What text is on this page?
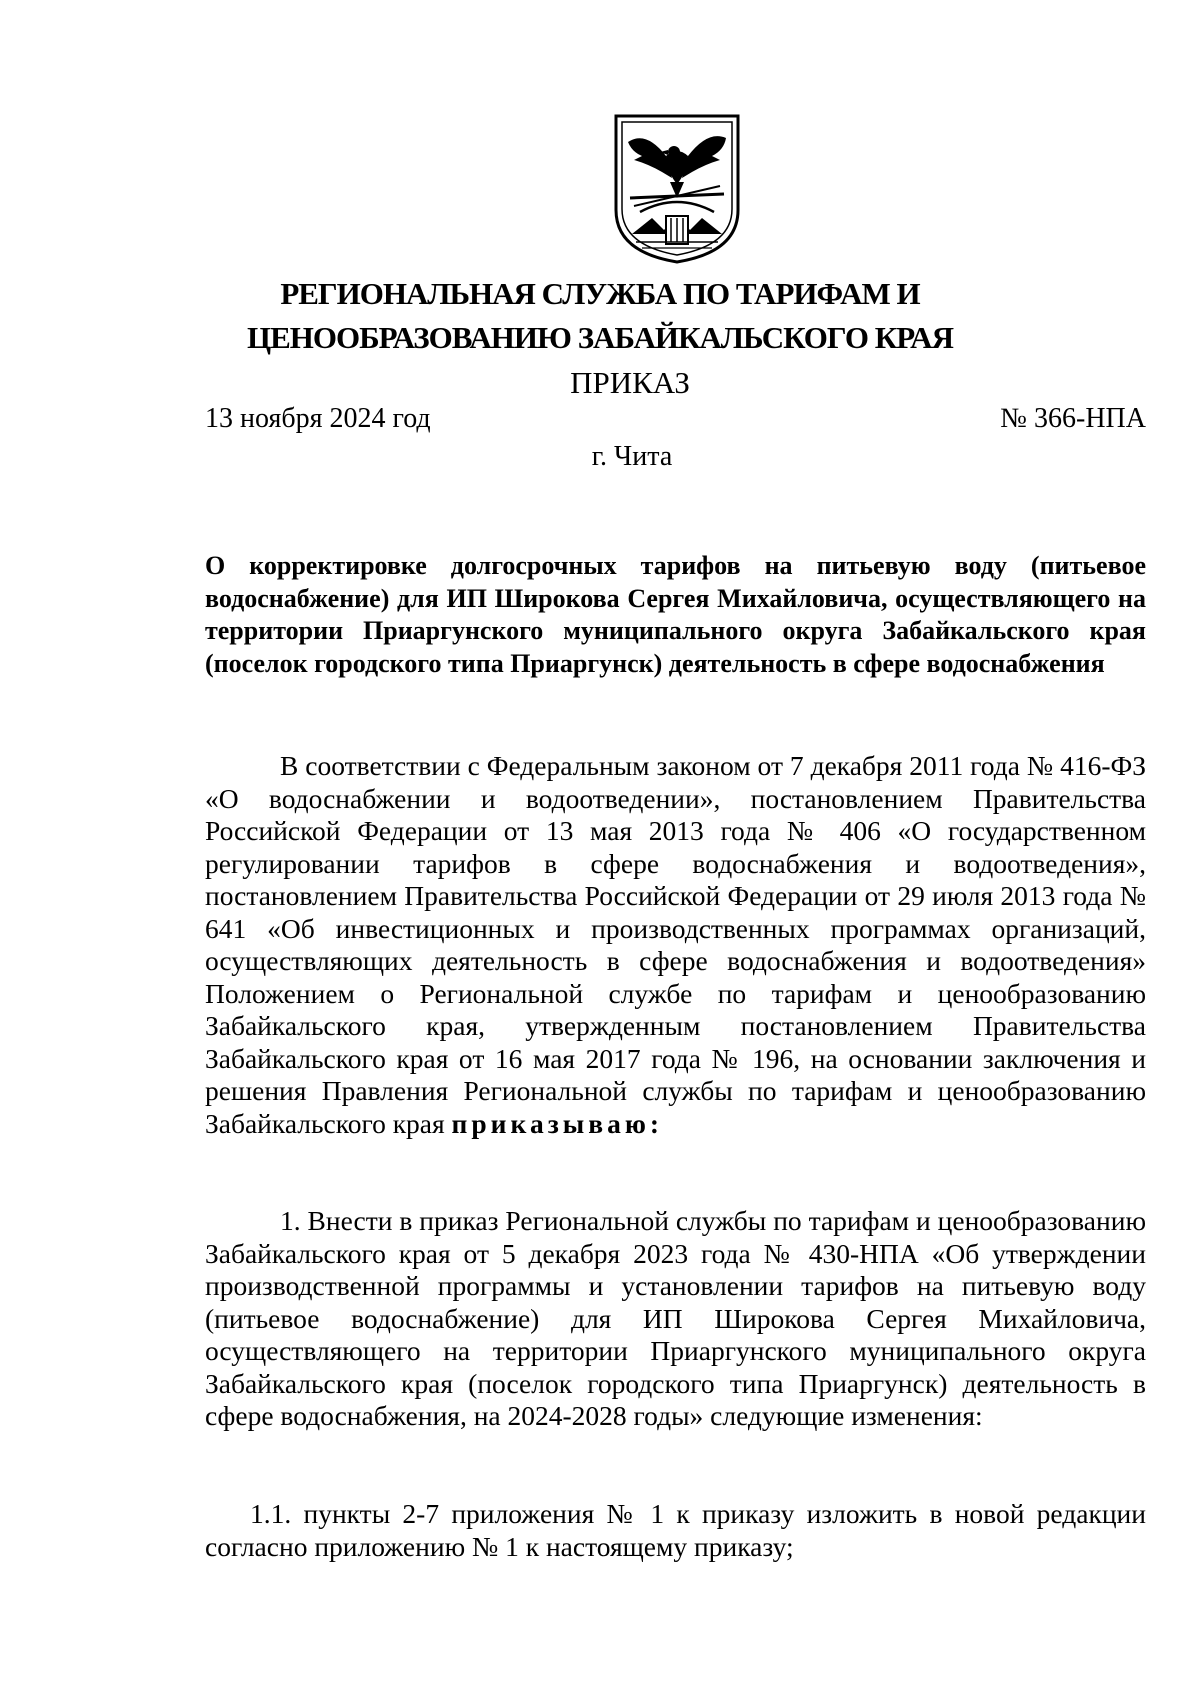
РЕГИОНАЛЬНАЯ СЛУЖБА ПО ТАРИФАМ И
ЦЕНООБРАЗОВАНИЮ ЗАБАЙКАЛЬСКОГО КРАЯ
ПРИКАЗ
13 ноября 2024 год	№ 366-НПА
г. Чита
О корректировке долгосрочных тарифов на питьевую воду (питьевое водоснабжение) для ИП Широкова Сергея Михайловича, осуществляющего на территории Приаргунского муниципального округа Забайкальского края (поселок городского типа Приаргунск) деятельность в сфере водоснабжения
В соответствии с Федеральным законом от 7 декабря 2011 года № 416-ФЗ «О водоснабжении и водоотведении», постановлением Правительства Российской Федерации от 13 мая 2013 года № 406 «О государственном регулировании тарифов в сфере водоснабжения и водоотведения», постановлением Правительства Российской Федерации от 29 июля 2013 года № 641 «Об инвестиционных и производственных программах организаций, осуществляющих деятельность в сфере водоснабжения и водоотведения» Положением о Региональной службе по тарифам и ценообразованию Забайкальского края, утвержденным постановлением Правительства Забайкальского края от 16 мая 2017 года № 196, на основании заключения и решения Правления Региональной службы по тарифам и ценообразованию Забайкальского края приказываю:
1. Внести в приказ Региональной службы по тарифам и ценообразованию Забайкальского края от 5 декабря 2023 года № 430-НПА «Об утверждении производственной программы и установлении тарифов на питьевую воду (питьевое водоснабжение) для ИП Широкова Сергея Михайловича, осуществляющего на территории Приаргунского муниципального округа Забайкальского края (поселок городского типа Приаргунск) деятельность в сфере водоснабжения, на 2024-2028 годы» следующие изменения:
1.1. пункты 2-7 приложения № 1 к приказу изложить в новой редакции согласно приложению № 1 к настоящему приказу;
